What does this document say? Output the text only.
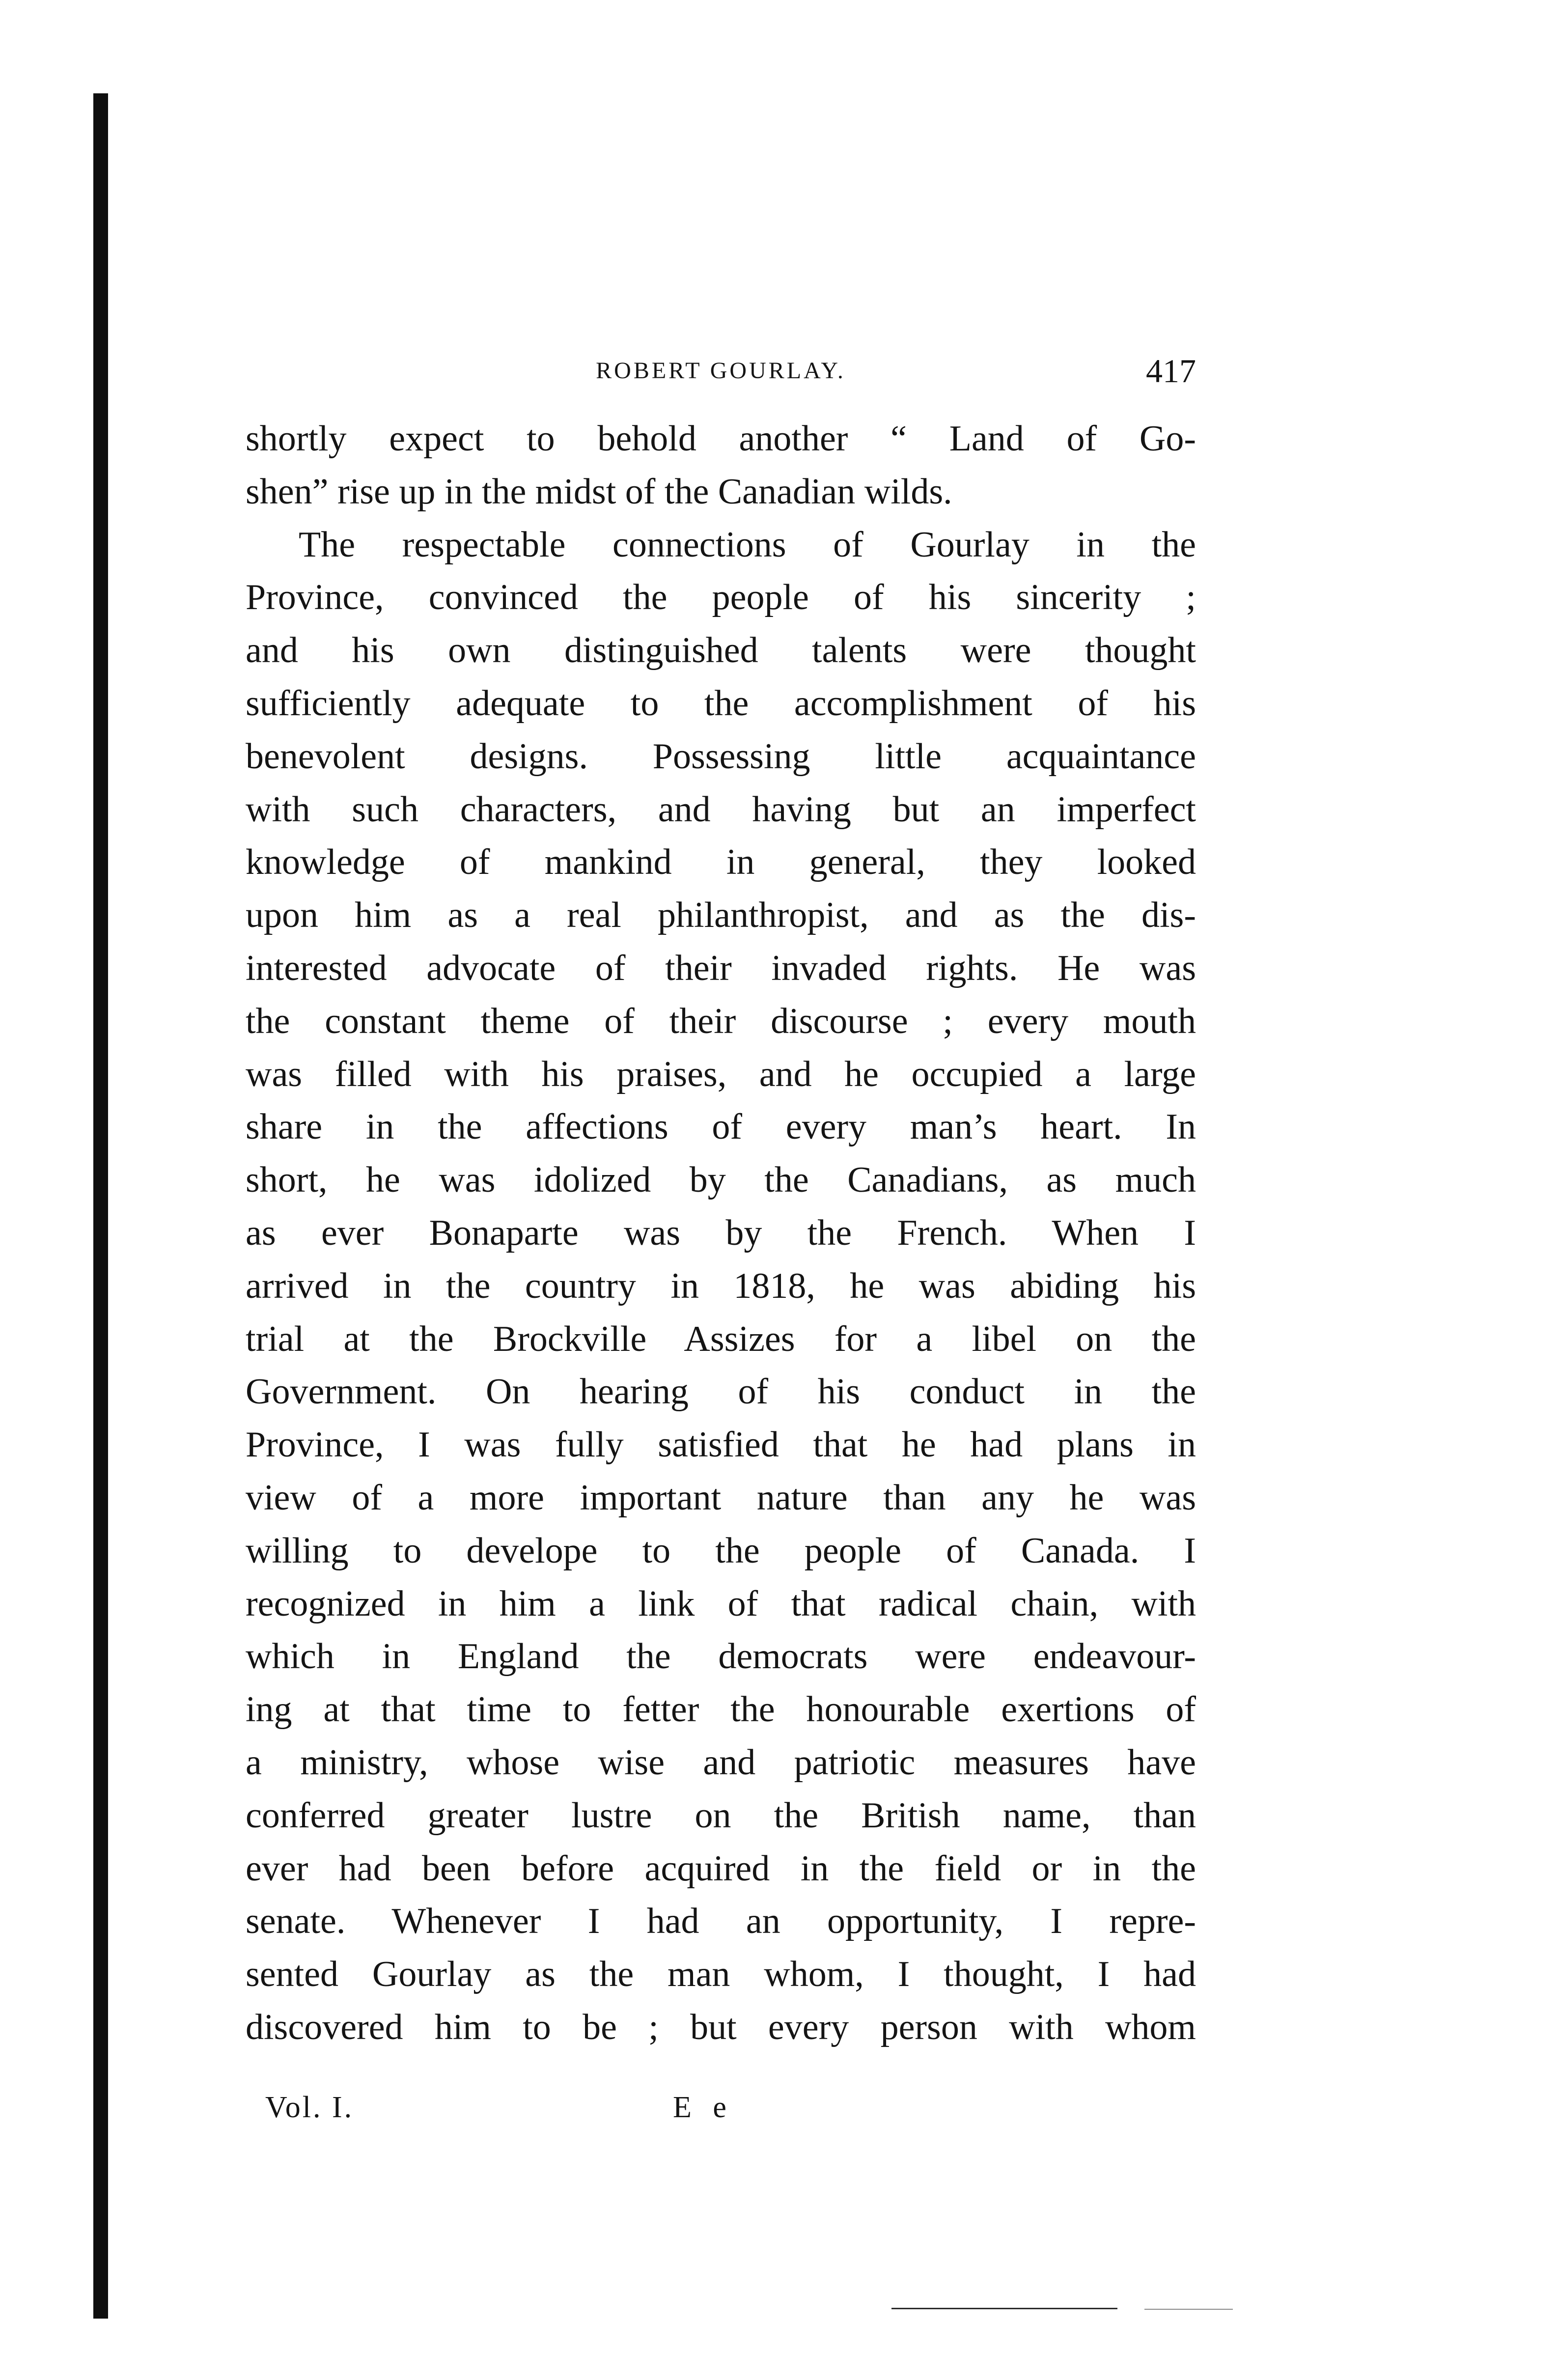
ROBERT GOURLAY.	417
shortly expect to behold another “ Land of Go-
shen” rise up in the midst of the Canadian wilds.
The respectable connections of Gourlay in the
Province, convinced the people of his sincerity ;
and his own distinguished talents were thought
sufficiently adequate to the accomplishment of his
benevolent designs. Possessing little acquaintance
with such characters, and having but an imperfect
knowledge of mankind in general, they looked
upon him as a real philanthropist, and as the dis-
interested advocate of their invaded rights. He was
the constant theme of their discourse ; every mouth
was filled with his praises, and he occupied a large
share in the affections of every man’s heart. In
short, he was idolized by the Canadians, as much
as ever Bonaparte was by the French. When I
arrived in the country in 1818, he was abiding his
trial at the Brockville Assizes for a libel on the
Government. On hearing of his conduct in the
Province, I was fully satisfied that he had plans in
view of a more important nature than any he was
willing to develope to the people of Canada. I
recognized in him a link of that radical chain, with
which in England the democrats were endeavour-
ing at that time to fetter the honourable exertions of
a ministry, whose wise and patriotic measures have
conferred greater lustre on the British name, than
ever had been before acquired in the field or in the
senate. Whenever I had an opportunity, I repre-
sented Gourlay as the man whom, I thought, I had
discovered him to be ; but every person with whom
Vol. I.	E e
